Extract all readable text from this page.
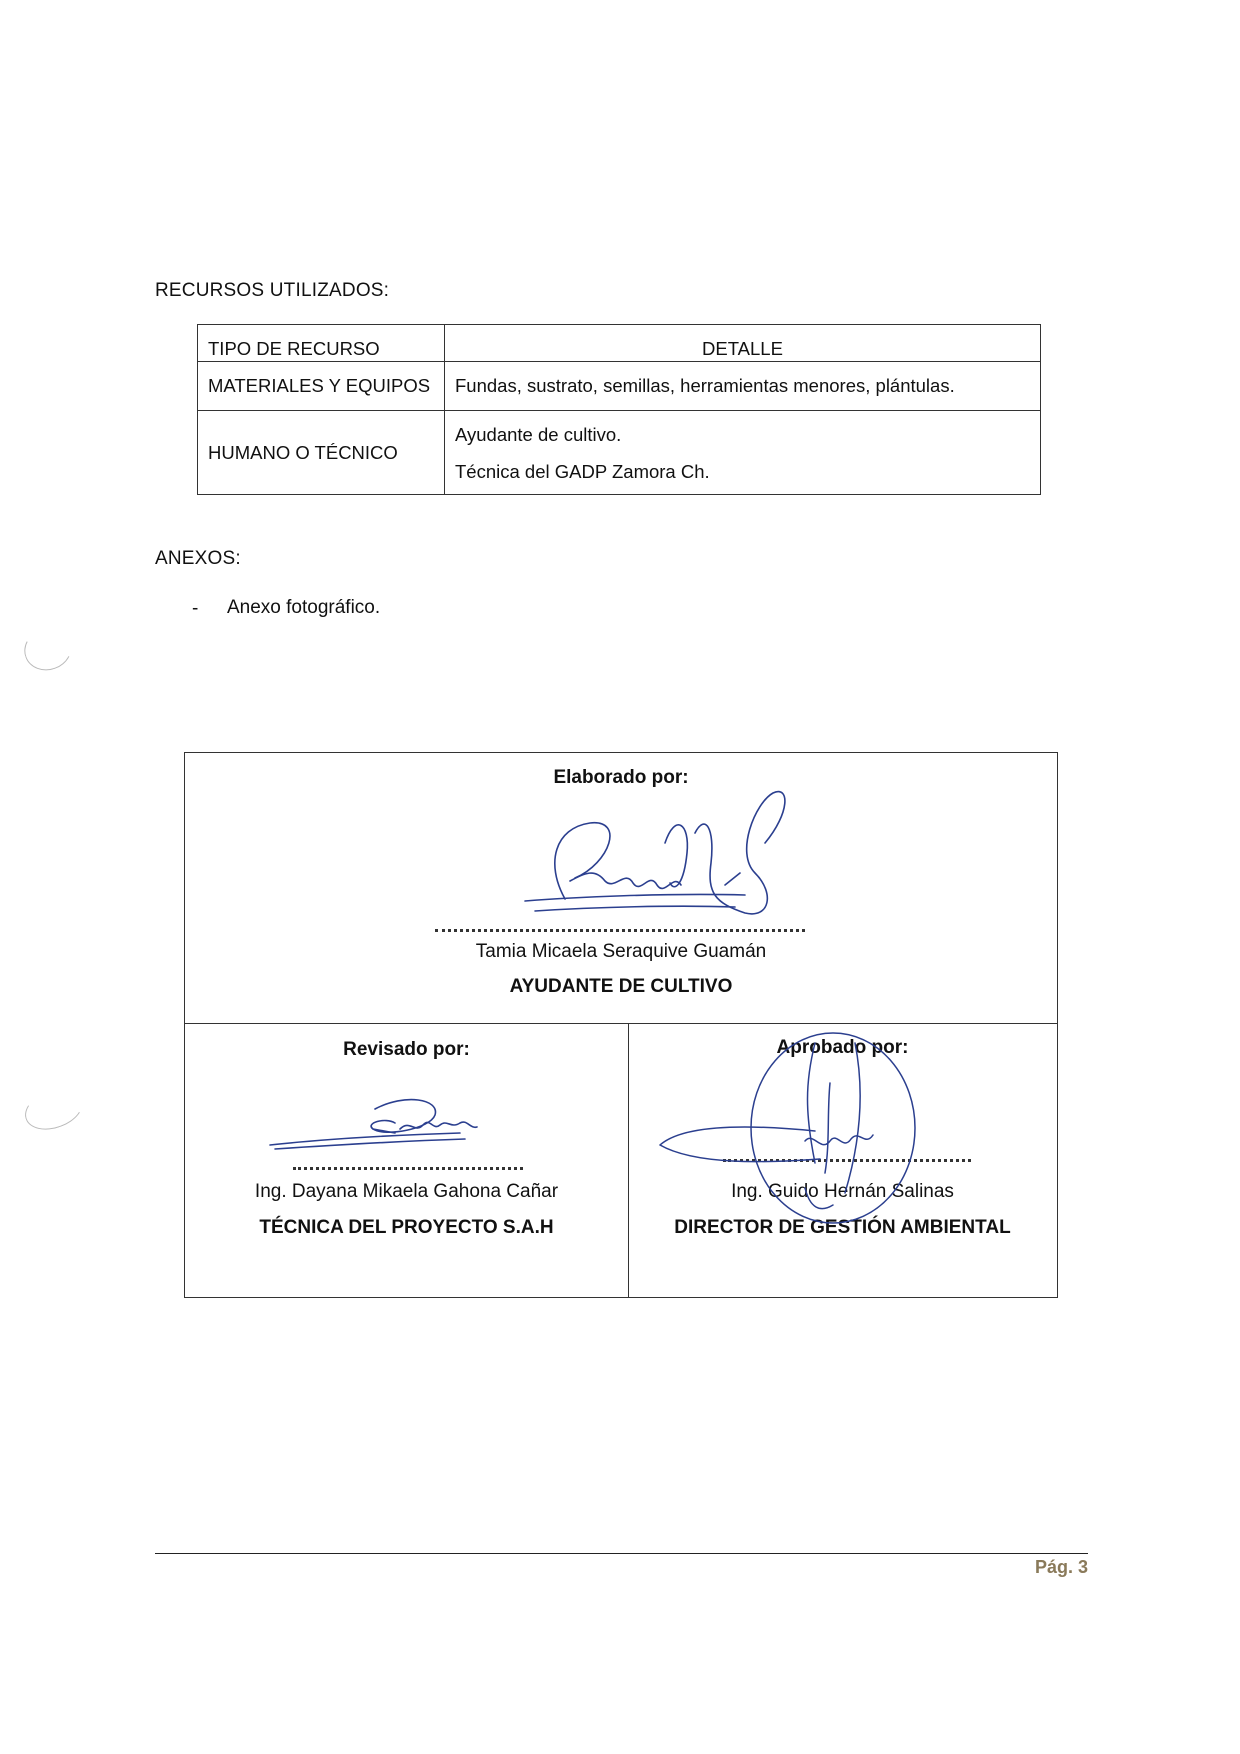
RECURSOS UTILIZADOS:
TIPO DE RECURSO	DETALLE
MATERIALES Y EQUIPOS	Fundas, sustrato, semillas, herramientas menores, plántulas.
HUMANO O TÉCNICO	Ayudante de cultivo.
Técnica del GADP Zamora Ch.
ANEXOS:
- Anexo fotográfico.
Elaborado por:
Tamia Micaela Seraquive Guamán
AYUDANTE DE CULTIVO
Revisado por:
Ing. Dayana Mikaela Gahona Cañar
TÉCNICA DEL PROYECTO S.A.H
Aprobado por:
Ing. Guido Hernán Salinas
DIRECTOR DE GESTIÓN AMBIENTAL
Pág. 3
